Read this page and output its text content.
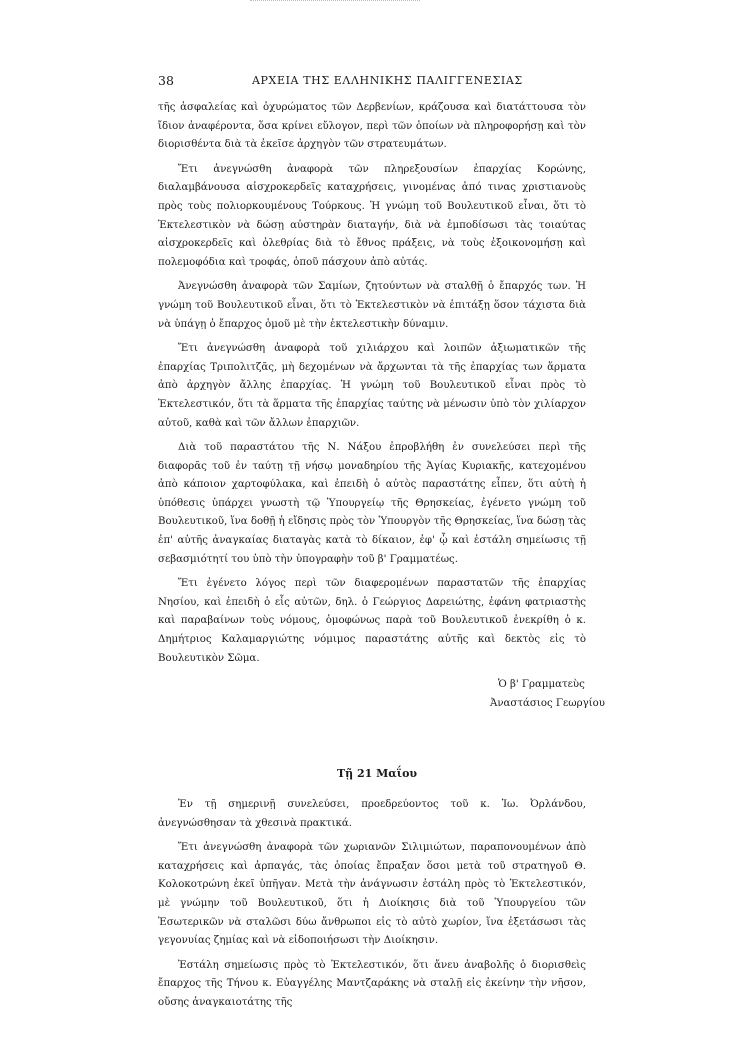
38	ΑΡΧΕΙΑ ΤΗΣ ΕΛΛΗΝΙΚΗΣ ΠΑΛΙΓΓΕΝΕΣΙΑΣ

τῆς ἀσφαλείας καὶ ὀχυρώματος τῶν Δερβενίων, κράζουσα καὶ διατάττουσα τὸν ἴδιον ἀναφέροντα, ὅσα κρίνει εὔλογον, περὶ τῶν ὁποίων νὰ πληροφορήσῃ καὶ τὸν διορισθέντα διὰ τὰ ἐκεῖσε ἀρχηγὸν τῶν στρατευμάτων.

Ἔτι ἀνεγνώσθη ἀναφορὰ τῶν πληρεξουσίων ἐπαρχίας Κορώνης, διαλαμβάνουσα αἰσχροκερδεῖς καταχρήσεις, γινομένας ἀπό τινας χριστιανοὺς πρὸς τοὺς πολιορκουμένους Τούρκους. Ἡ γνώμη τοῦ Βουλευτικοῦ εἶναι, ὅτι τὸ Ἐκτελεστικὸν νὰ δώσῃ αὐστηρὰν διαταγήν, διὰ νὰ ἐμποδίσωσι τὰς τοιαύτας αἰσχροκερδεῖς καὶ ὀλεθρίας διὰ τὸ ἔθνος πράξεις, νὰ τοὺς ἐξοικονομήσῃ καὶ πολεμοφόδια καὶ τροφάς, ὁποῦ πάσχουν ἀπὸ αὐτάς.

Ἀνεγνώσθη ἀναφορὰ τῶν Σαμίων, ζητούντων νὰ σταλθῇ ὁ ἔπαρχός των. Ἡ γνώμη τοῦ Βουλευτικοῦ εἶναι, ὅτι τὸ Ἐκτελεστικὸν νὰ ἐπιτάξῃ ὅσον τάχιστα διὰ νὰ ὑπάγῃ ὁ ἔπαρχος ὁμοῦ μὲ τὴν ἐκτελεστικὴν δύναμιν.

Ἔτι ἀνεγνώσθη ἀναφορὰ τοῦ χιλιάρχου καὶ λοιπῶν ἀξιωματικῶν τῆς ἐπαρχίας Τριπολιτζᾶς, μὴ δεχομένων νὰ ἄρχωνται τὰ τῆς ἐπαρχίας των ἅρματα ἀπὸ ἀρχηγὸν ἄλλης ἐπαρχίας. Ἡ γνώμη τοῦ Βουλευτικοῦ εἶναι πρὸς τὸ Ἐκτελεστικόν, ὅτι τὰ ἅρματα τῆς ἐπαρχίας ταύτης νὰ μένωσιν ὑπὸ τὸν χιλίαρχον αὐτοῦ, καθὰ καὶ τῶν ἄλλων ἐπαρχιῶν.

Διὰ τοῦ παραστάτου τῆς Ν. Νάξου ἐπροβλήθη ἐν συνελεύσει περὶ τῆς διαφορᾶς τοῦ ἐν ταύτῃ τῇ νήσῳ μοναδηρίου τῆς Ἁγίας Κυριακῆς, κατεχομένου ἀπὸ κάποιον χαρτοφύλακα, καὶ ἐπειδὴ ὁ αὐτὸς παραστάτης εἶπεν, ὅτι αὐτὴ ἡ ὑπόθεσις ὑπάρχει γνωστὴ τῷ Ὑπουργείῳ τῆς Θρησκείας, ἐγένετο γνώμη τοῦ Βουλευτικοῦ, ἵνα δοθῇ ἡ εἴδησις πρὸς τὸν Ὑπουργὸν τῆς Θρησκείας, ἵνα δώσῃ τὰς ἐπ' αὐτῆς ἀναγκαίας διαταγὰς κατὰ τὸ δίκαιον, ἐφ' ᾧ καὶ ἐστάλη σημείωσις τῇ σεβασμιότητί του ὑπὸ τὴν ὑπογραφὴν τοῦ β' Γραμματέως.

Ἔτι ἐγένετο λόγος περὶ τῶν διαφερομένων παραστατῶν τῆς ἐπαρχίας Νησίου, καὶ ἐπειδὴ ὁ εἷς αὐτῶν, δηλ. ὁ Γεώργιος Δαρειώτης, ἐφάνη φατριαστὴς καὶ παραβαίνων τοὺς νόμους, ὁμοφώνως παρὰ τοῦ Βουλευτικοῦ ἐνεκρίθη ὁ κ. Δημήτριος Καλαμαργιώτης νόμιμος παραστάτης αὐτῆς καὶ δεκτὸς εἰς τὸ Βουλευτικὸν Σῶμα.

Ὁ β' Γραμματεὺς
Ἀναστάσιος Γεωργίου
Τῇ 21 Μαΐου

Ἐν τῇ σημερινῇ συνελεύσει, προεδρεύοντος τοῦ κ. Ἰω. Ὀρλάνδου, ἀνεγνώσθησαν τὰ χθεσινὰ πρακτικά.

Ἔτι ἀνεγνώσθη ἀναφορὰ τῶν χωριανῶν Σιλιμιώτων, παραπονουμένων ἀπὸ καταχρήσεις καὶ ἁρπαγάς, τὰς ὁποίας ἔπραξαν ὅσοι μετὰ τοῦ στρατηγοῦ Θ. Κολοκοτρώνη ἐκεῖ ὑπῆγαν. Μετὰ τὴν ἀνάγνωσιν ἐστάλη πρὸς τὸ Ἐκτελεστικόν, μὲ γνώμην τοῦ Βουλευτικοῦ, ὅτι ἡ Διοίκησις διὰ τοῦ Ὑπουργείου τῶν Ἐσωτερικῶν νὰ σταλῶσι δύω ἄνθρωποι εἰς τὸ αὐτὸ χωρίον, ἵνα ἐξετάσωσι τὰς γεγονυίας ζημίας καὶ νὰ εἰδοποιήσωσι τὴν Διοίκησιν.

Ἐστάλη σημείωσις πρὸς τὸ Ἐκτελεστικόν, ὅτι ἄνευ ἀναβολῆς ὁ διορισθεὶς ἔπαρχος τῆς Τήνου κ. Εὐαγγέλης Μαντζαράκης νὰ σταλῇ εἰς ἐκείνην τὴν νῆσον, οὔσης ἀναγκαιοτάτης τῆς
